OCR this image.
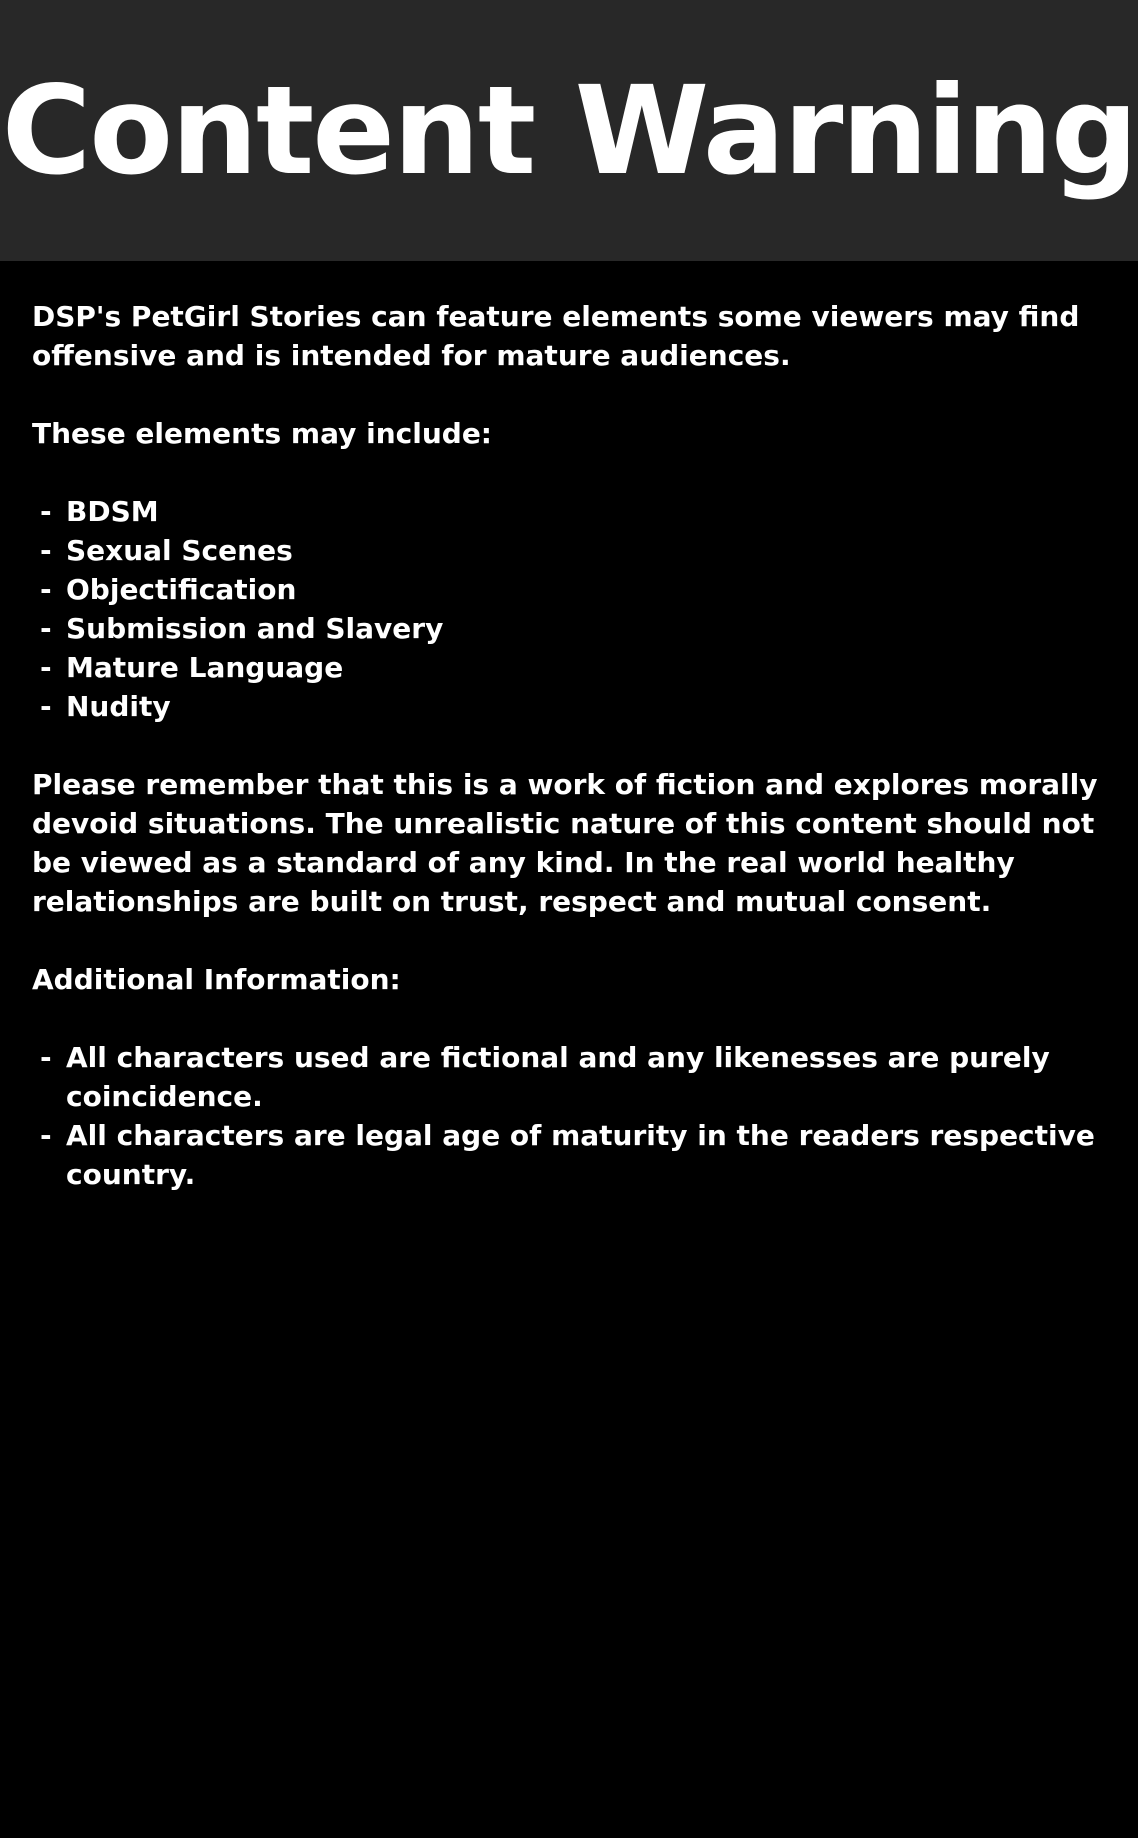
Content Warning

DSP's PetGirl Stories can feature elements some viewers may find offensive and is intended for mature audiences.

These elements may include:

- BDSM
- Sexual Scenes
- Objectification
- Submission and Slavery
- Mature Language
- Nudity

Please remember that this is a work of fiction and explores morally devoid situations. The unrealistic nature of this content should not be viewed as a standard of any kind. In the real world healthy relationships are built on trust, respect and mutual consent.

Additional Information:

- All characters used are fictional and any likenesses are purely coincidence.
- All characters are legal age of maturity in the readers respective country.
